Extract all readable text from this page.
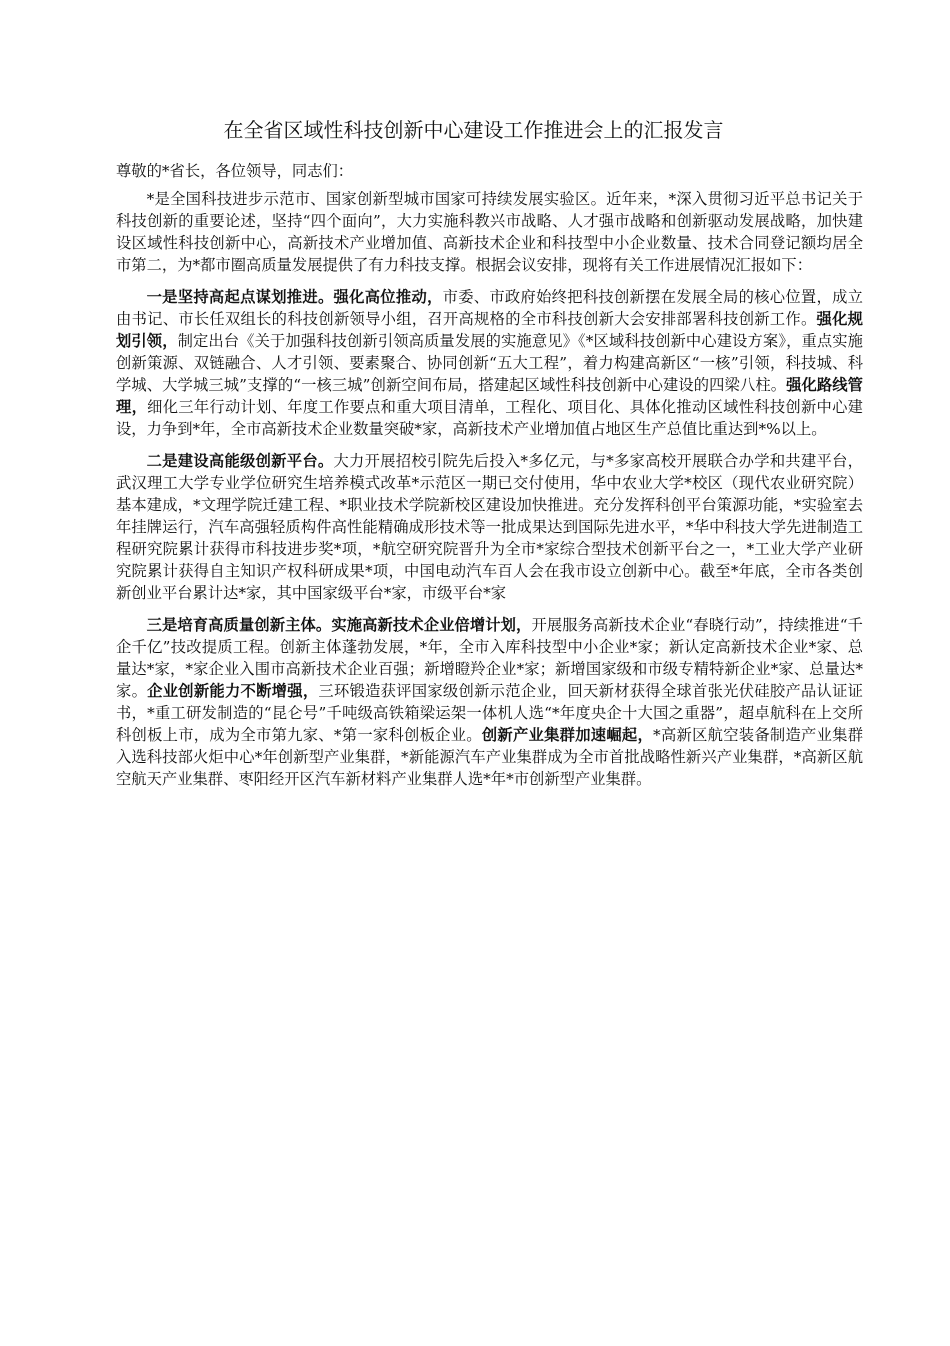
在全省区域性科技创新中心建设工作推进会上的汇报发言

尊敬的*省长，各位领导，同志们：

*是全国科技进步示范市、国家创新型城市国家可持续发展实验区。近年来，*深入贯彻习近平总书记关于科技创新的重要论述，坚持“四个面向”，大力实施科教兴市战略、人才强市战略和创新驱动发展战略，加快建设区域性科技创新中心，高新技术产业增加值、高新技术企业和科技型中小企业数量、技术合同登记额均居全市第二，为*都市圈高质量发展提供了有力科技支撑。根据会议安排，现将有关工作进展情况汇报如下：

一是坚持高起点谋划推进。强化高位推动，市委、市政府始终把科技创新摆在发展全局的核心位置，成立由书记、市长任双组长的科技创新领导小组，召开高规格的全市科技创新大会安排部署科技创新工作。强化规划引领，制定出台《关于加强科技创新引领高质量发展的实施意见》《*区域科技创新中心建设方案》，重点实施创新策源、双链融合、人才引领、要素聚合、协同创新“五大工程”，着力构建高新区“一核”引领，科技城、科学城、大学城三城”支撑的“一核三城”创新空间布局，搭建起区域性科技创新中心建设的四梁八柱。强化路线管理，细化三年行动计划、年度工作要点和重大项目清单，工程化、项目化、具体化推动区域性科技创新中心建设，力争到*年，全市高新技术企业数量突破*家，高新技术产业增加值占地区生产总值比重达到*%以上。

二是建设高能级创新平台。大力开展招校引院先后投入*多亿元，与*多家高校开展联合办学和共建平台，武汉理工大学专业学位研究生培养模式改革*示范区一期已交付使用，华中农业大学*校区（现代农业研究院）基本建成，*文理学院迁建工程、*职业技术学院新校区建设加快推进。充分发挥科创平台策源功能，*实验室去年挂牌运行，汽车高强轻质构件高性能精确成形技术等一批成果达到国际先进水平，*华中科技大学先进制造工程研究院累计获得市科技进步奖*项，*航空研究院晋升为全市*家综合型技术创新平台之一，*工业大学产业研究院累计获得自主知识产权科研成果*项，中国电动汽车百人会在我市设立创新中心。截至*年底，全市各类创新创业平台累计达*家，其中国家级平台*家，市级平台*家

三是培育高质量创新主体。实施高新技术企业倍增计划，开展服务高新技术企业“春晓行动”，持续推进“千企千亿”技改提质工程。创新主体蓬勃发展，*年，全市入库科技型中小企业*家；新认定高新技术企业*家、总量达*家，*家企业入围市高新技术企业百强；新增瞪羚企业*家；新增国家级和市级专精特新企业*家、总量达*家。企业创新能力不断增强，三环锻造获评国家级创新示范企业，回天新材获得全球首张光伏硅胶产品认证证书，*重工研发制造的“昆仑号”千吨级高铁箱梁运架一体机人选“*年度央企十大国之重器”，超卓航科在上交所科创板上市，成为全市第九家、*第一家科创板企业。创新产业集群加速崛起，*高新区航空装备制造产业集群入选科技部火炬中心*年创新型产业集群，*新能源汽车产业集群成为全市首批战略性新兴产业集群，*高新区航空航天产业集群、枣阳经开区汽车新材料产业集群人选*年*市创新型产业集群。
